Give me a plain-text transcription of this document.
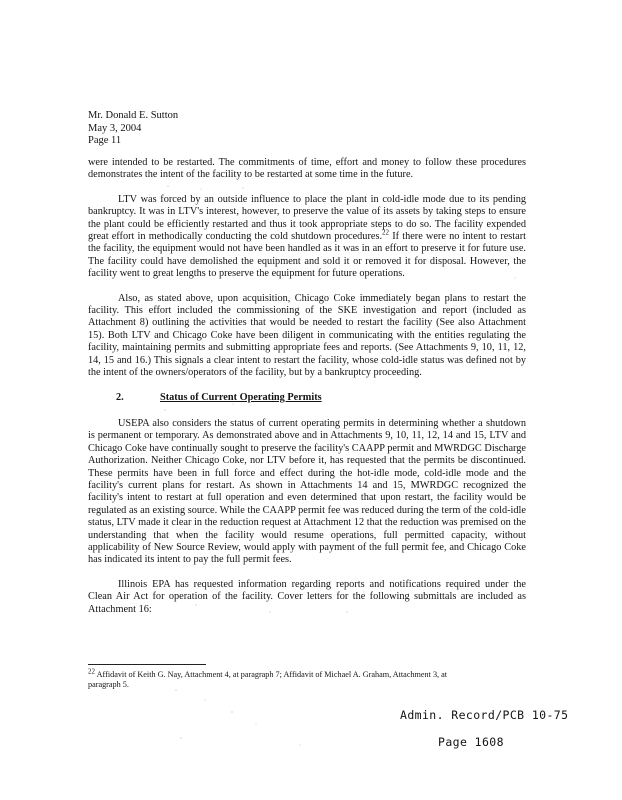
Mr. Donald E. Sutton
May 3, 2004
Page 11

were intended to be restarted. The commitments of time, effort and money to follow these procedures demonstrates the intent of the facility to be restarted at some time in the future.

LTV was forced by an outside influence to place the plant in cold-idle mode due to its pending bankruptcy. It was in LTV's interest, however, to preserve the value of its assets by taking steps to ensure the plant could be efficiently restarted and thus it took appropriate steps to do so. The facility expended great effort in methodically conducting the cold shutdown procedures.$^{22}$ If there were no intent to restart the facility, the equipment would not have been handled as it was in an effort to preserve it for future use. The facility could have demolished the equipment and sold it or removed it for disposal. However, the facility went to great lengths to preserve the equipment for future operations.

Also, as stated above, upon acquisition, Chicago Coke immediately began plans to restart the facility. This effort included the commissioning of the SKE investigation and report (included as Attachment 8) outlining the activities that would be needed to restart the facility (See also Attachment 15). Both LTV and Chicago Coke have been diligent in communicating with the entities regulating the facility, maintaining permits and submitting appropriate fees and reports. (See Attachments 9, 10, 11, 12, 14, 15 and 16.) This signals a clear intent to restart the facility, whose cold-idle status was defined not by the intent of the owners/operators of the facility, but by a bankruptcy proceeding.

2.	Status of Current Operating Permits

USEPA also considers the status of current operating permits in determining whether a shutdown is permanent or temporary. As demonstrated above and in Attachments 9, 10, 11, 12, 14 and 15, LTV and Chicago Coke have continually sought to preserve the facility's CAAPP permit and MWRDGC Discharge Authorization. Neither Chicago Coke, nor LTV before it, has requested that the permits be discontinued. These permits have been in full force and effect during the hot-idle mode, cold-idle mode and the facility's current plans for restart. As shown in Attachments 14 and 15, MWRDGC recognized the facility's intent to restart at full operation and even determined that upon restart, the facility would be regulated as an existing source. While the CAAPP permit fee was reduced during the term of the cold-idle status, LTV made it clear in the reduction request at Attachment 12 that the reduction was premised on the understanding that when the facility would resume operations, full permitted capacity, without applicability of New Source Review, would apply with payment of the full permit fee, and Chicago Coke has indicated its intent to pay the full permit fees.

Illinois EPA has requested information regarding reports and notifications required under the Clean Air Act for operation of the facility. Cover letters for the following submittals are included as Attachment 16:

$^{22}$ Affidavit of Keith G. Nay, Attachment 4, at paragraph 7; Affidavit of Michael A. Graham, Attachment 3, at paragraph 5.
Admin. Record/PCB 10-75
Page 1608
